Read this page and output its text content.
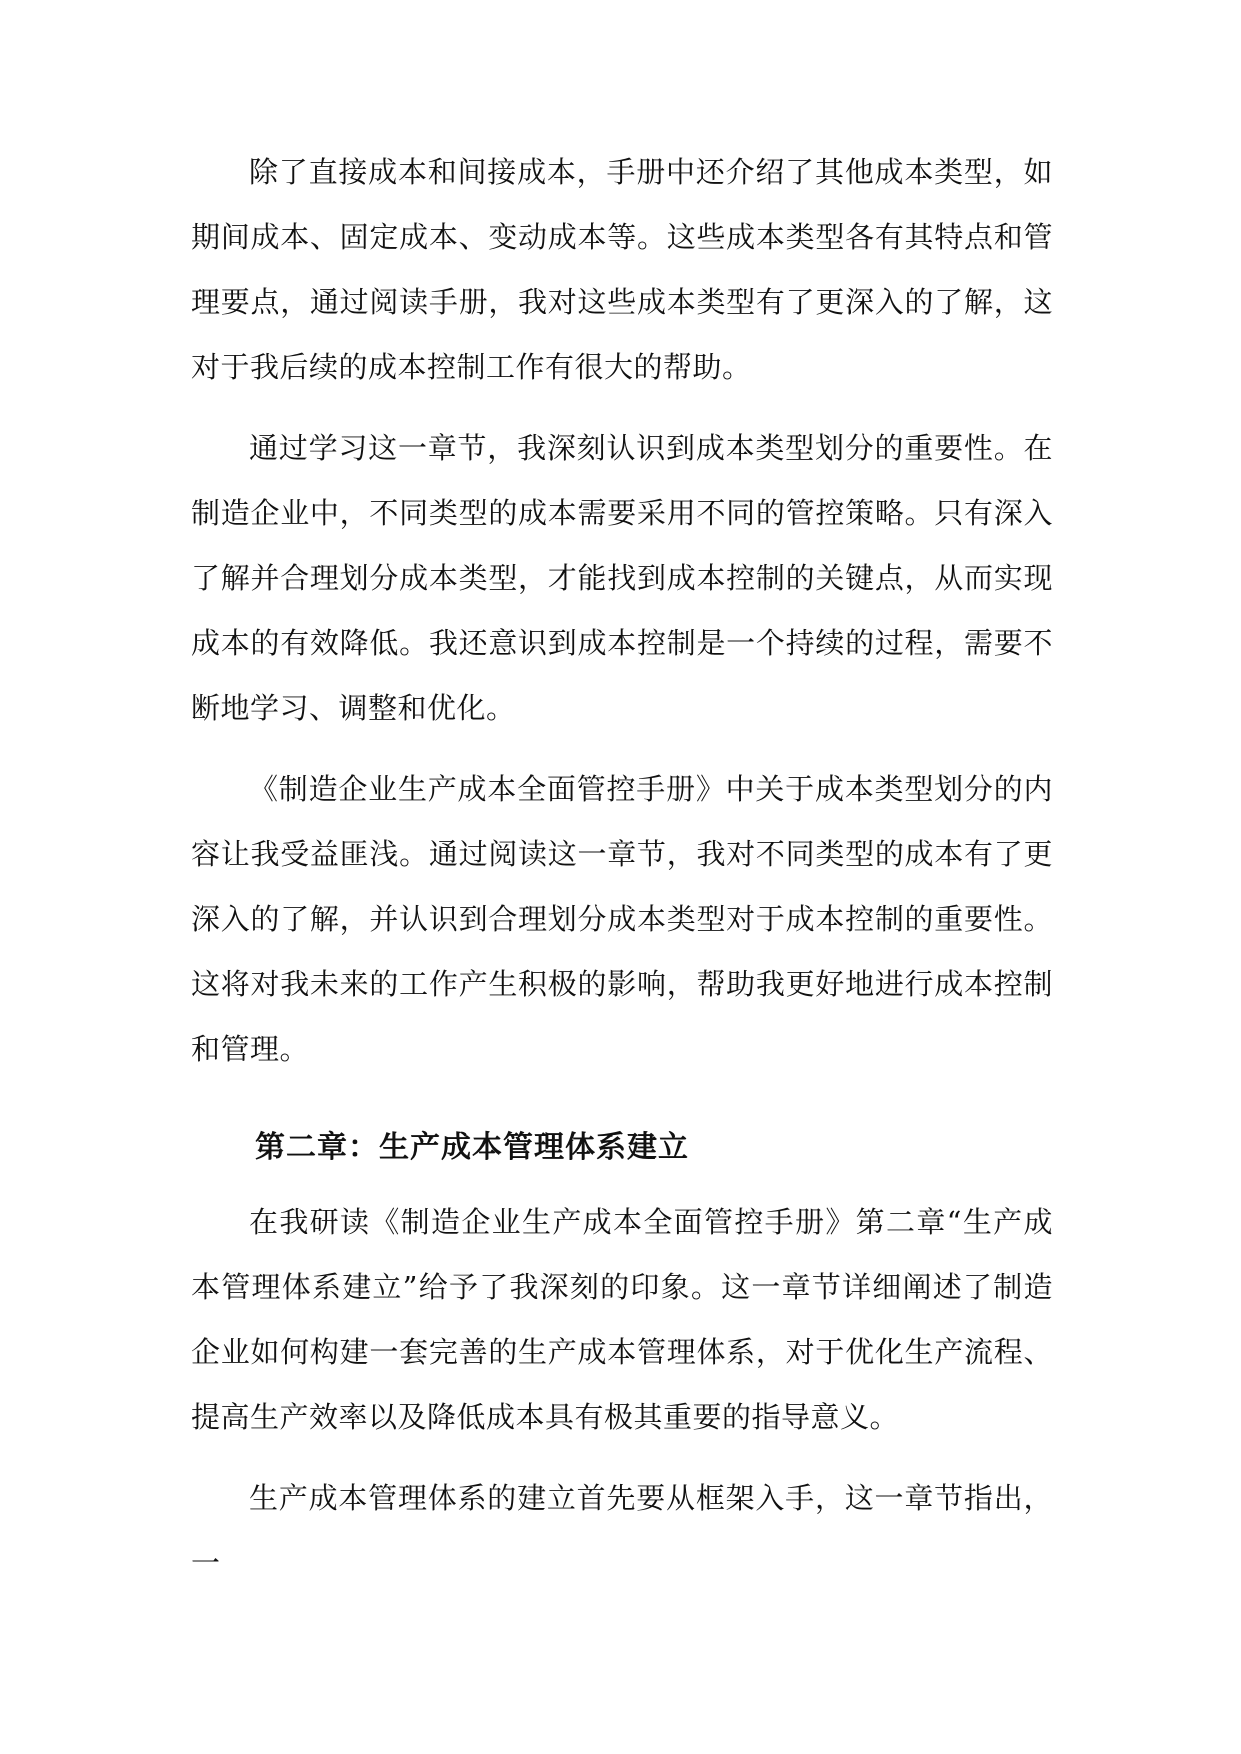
除了直接成本和间接成本，手册中还介绍了其他成本类型，如期间成本、固定成本、变动成本等。这些成本类型各有其特点和管理要点，通过阅读手册，我对这些成本类型有了更深入的了解，这对于我后续的成本控制工作有很大的帮助。

通过学习这一章节，我深刻认识到成本类型划分的重要性。在制造企业中，不同类型的成本需要采用不同的管控策略。只有深入了解并合理划分成本类型，才能找到成本控制的关键点，从而实现成本的有效降低。我还意识到成本控制是一个持续的过程，需要不断地学习、调整和优化。

《制造企业生产成本全面管控手册》中关于成本类型划分的内容让我受益匪浅。通过阅读这一章节，我对不同类型的成本有了更深入的了解，并认识到合理划分成本类型对于成本控制的重要性。这将对我未来的工作产生积极的影响，帮助我更好地进行成本控制和管理。

第二章：生产成本管理体系建立

在我研读《制造企业生产成本全面管控手册》第二章“生产成本管理体系建立”给予了我深刻的印象。这一章节详细阐述了制造企业如何构建一套完善的生产成本管理体系，对于优化生产流程、提高生产效率以及降低成本具有极其重要的指导意义。

生产成本管理体系的建立首先要从框架入手，这一章节指出，一
